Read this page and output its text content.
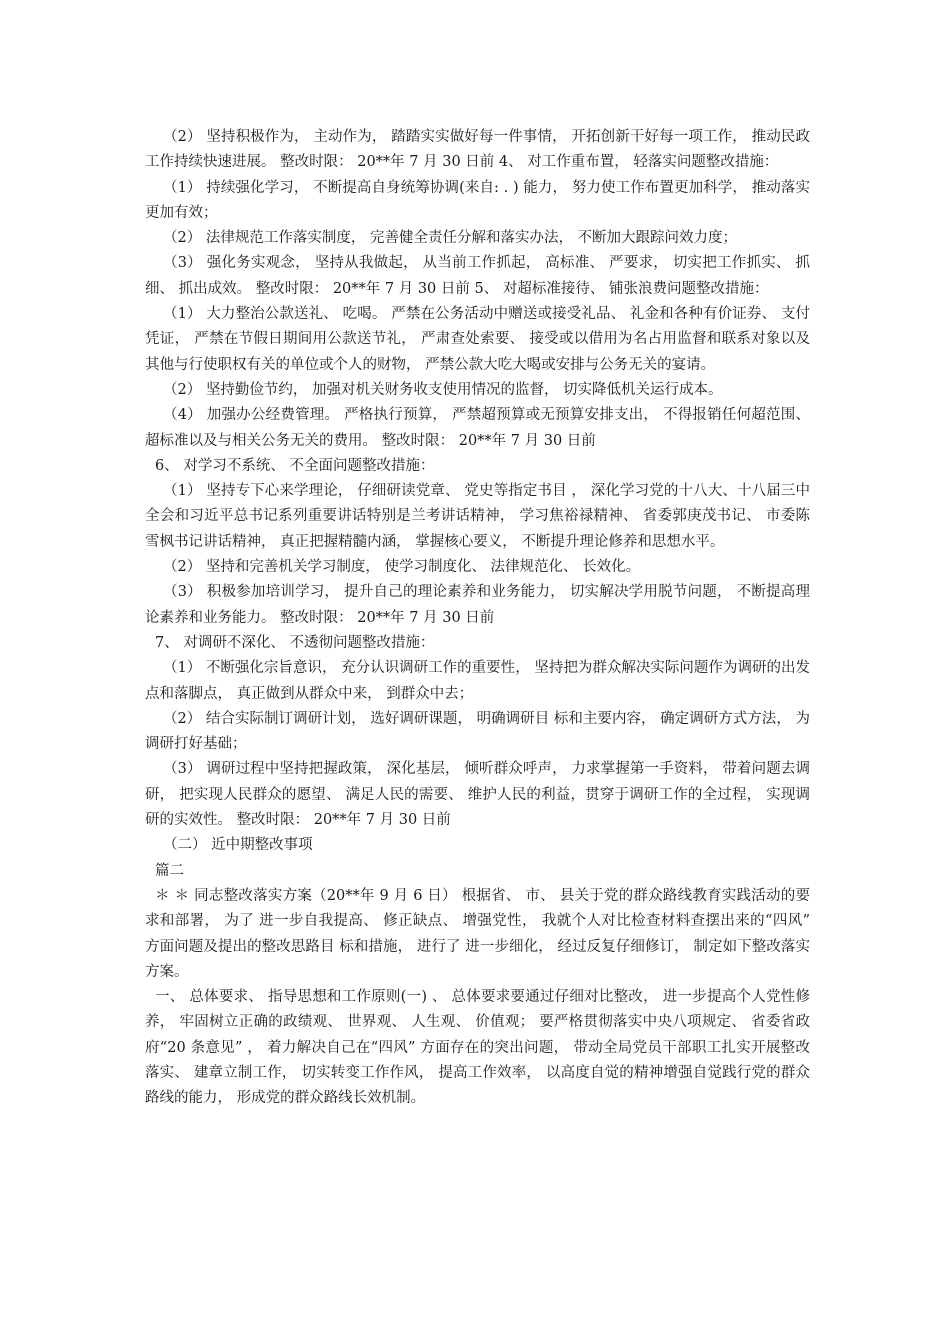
（2） 坚持积极作为， 主动作为， 踏踏实实做好每一件事情， 开拓创新干好每一项工作， 推动民政工作持续快速进展。 整改时限： 20**年 7 月 30 日前 4、 对工作重布置， 轻落实问题整改措施：

（1） 持续强化学习， 不断提高自身统筹协调(来自: . ) 能力， 努力使工作布置更加科学， 推动落实更加有效；

（2） 法律规范工作落实制度， 完善健全责任分解和落实办法， 不断加大跟踪问效力度；

（3） 强化务实观念， 坚持从我做起， 从当前工作抓起， 高标准、 严要求， 切实把工作抓实、 抓细、 抓出成效。 整改时限： 20**年 7 月 30 日前 5、 对超标准接待、 铺张浪费问题整改措施：

（1） 大力整治公款送礼、 吃喝。 严禁在公务活动中赠送或接受礼品、 礼金和各种有价证券、 支付凭证， 严禁在节假日期间用公款送节礼， 严肃查处索要、 接受或以借用为名占用监督和联系对象以及其他与行使职权有关的单位或个人的财物， 严禁公款大吃大喝或安排与公务无关的宴请。

（2） 坚持勤俭节约， 加强对机关财务收支使用情况的监督， 切实降低机关运行成本。

（4） 加强办公经费管理。 严格执行预算， 严禁超预算或无预算安排支出， 不得报销任何超范围、 超标准以及与相关公务无关的费用。 整改时限： 20**年 7 月 30 日前

6、 对学习不系统、 不全面问题整改措施：

（1） 坚持专下心来学理论， 仔细研读党章、 党史等指定书目 ， 深化学习党的十八大、十八届三中全会和习近平总书记系列重要讲话特别是兰考讲话精神， 学习焦裕禄精神、 省委郭庚茂书记、 市委陈雪枫书记讲话精神， 真正把握精髓内涵， 掌握核心要义， 不断提升理论修养和思想水平。

（2） 坚持和完善机关学习制度， 使学习制度化、 法律规范化、 长效化。

（3） 积极参加培训学习， 提升自己的理论素养和业务能力， 切实解决学用脱节问题， 不断提高理论素养和业务能力。 整改时限： 20**年 7 月 30 日前

7、 对调研不深化、 不透彻问题整改措施：

（1） 不断强化宗旨意识， 充分认识调研工作的重要性， 坚持把为群众解决实际问题作为调研的出发点和落脚点， 真正做到从群众中来， 到群众中去；

（2） 结合实际制订调研计划， 选好调研课题， 明确调研目 标和主要内容， 确定调研方式方法， 为调研打好基础；

（3） 调研过程中坚持把握政策， 深化基层， 倾听群众呼声， 力求掌握第一手资料， 带着问题去调研， 把实现人民群众的愿望、 满足人民的需要、 维护人民的利益，贯穿于调研工作的全过程， 实现调研的实效性。 整改时限： 20**年 7 月 30 日前

（二） 近中期整改事项

篇二

＊ ＊ 同志整改落实方案（20**年 9 月 6 日） 根据省、 市、 县关于党的群众路线教育实践活动的要求和部署， 为了 进一步自我提高、 修正缺点、 增强党性， 我就个人对比检查材料查摆出来的“四风” 方面问题及提出的整改思路目 标和措施， 进行了 进一步细化， 经过反复仔细修订， 制定如下整改落实方案。

一、 总体要求、 指导思想和工作原则(一) 、 总体要求要通过仔细对比整改， 进一步提高个人党性修养， 牢固树立正确的政绩观、 世界观、 人生观、 价值观； 要严格贯彻落实中央八项规定、 省委省政府“20 条意见” ， 着力解决自己在“四风” 方面存在的突出问题， 带动全局党员干部职工扎实开展整改落实、 建章立制工作， 切实转变工作作风， 提高工作效率， 以高度自觉的精神增强自觉践行党的群众路线的能力， 形成党的群众路线长效机制。
